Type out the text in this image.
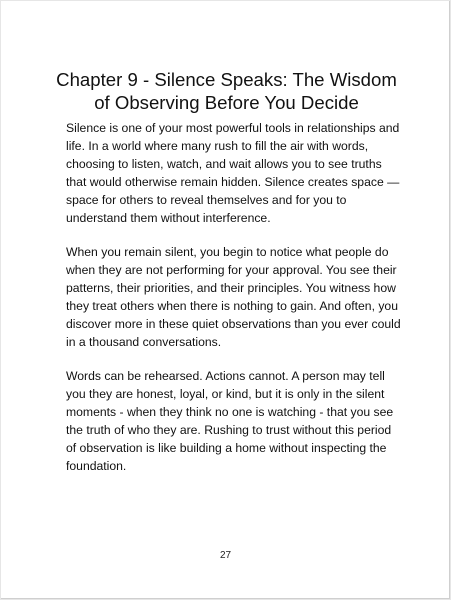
Chapter 9 - Silence Speaks: The Wisdom of Observing Before You Decide

Silence is one of your most powerful tools in relationships and life. In a world where many rush to fill the air with words, choosing to listen, watch, and wait allows you to see truths that would otherwise remain hidden. Silence creates space — space for others to reveal themselves and for you to understand them without interference.

When you remain silent, you begin to notice what people do when they are not performing for your approval. You see their patterns, their priorities, and their principles. You witness how they treat others when there is nothing to gain. And often, you discover more in these quiet observations than you ever could in a thousand conversations.

Words can be rehearsed. Actions cannot. A person may tell you they are honest, loyal, or kind, but it is only in the silent moments - when they think no one is watching - that you see the truth of who they are. Rushing to trust without this period of observation is like building a home without inspecting the foundation.

27
